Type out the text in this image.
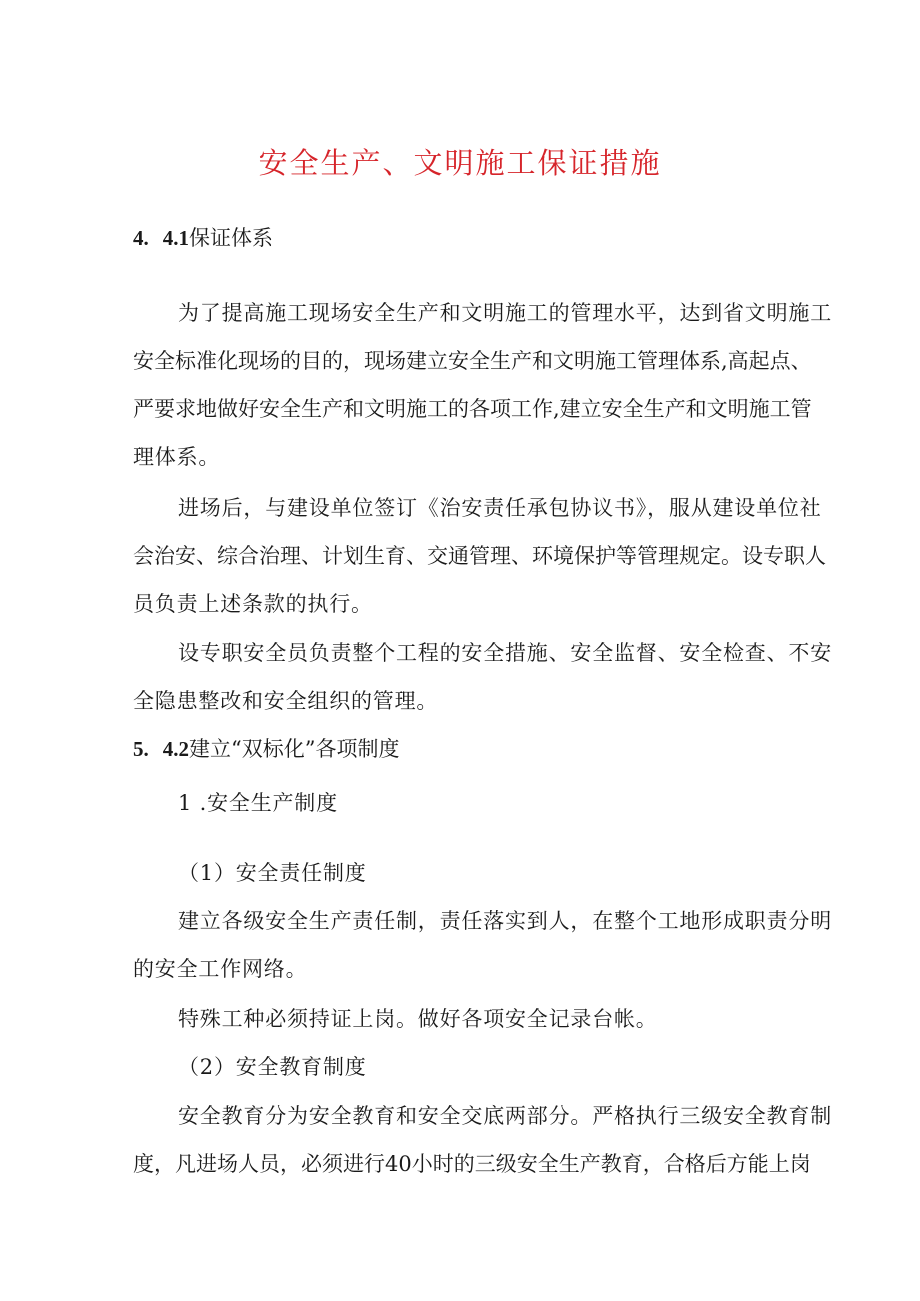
安全生产、文明施工保证措施
4. 4.1保证体系
为了提高施工现场安全生产和文明施工的管理水平，达到省文明施工
安全标准化现场的目的，现场建立安全生产和文明施工管理体系,高起点、
严要求地做好安全生产和文明施工的各项工作,建立安全生产和文明施工管
理体系。
进场后，与建设单位签订《治安责任承包协议书》，服从建设单位社
会治安、综合治理、计划生育、交通管理、环境保护等管理规定。设专职人
员负责上述条款的执行。
设专职安全员负责整个工程的安全措施、安全监督、安全检查、不安
全隐患整改和安全组织的管理。
5. 4.2建立“双标化”各项制度
1 .安全生产制度
（1）安全责任制度
建立各级安全生产责任制，责任落实到人，在整个工地形成职责分明
的安全工作网络。
特殊工种必须持证上岗。做好各项安全记录台帐。
（2）安全教育制度
安全教育分为安全教育和安全交底两部分。严格执行三级安全教育制
度，凡进场人员，必须进行40小时的三级安全生产教育，合格后方能上岗
